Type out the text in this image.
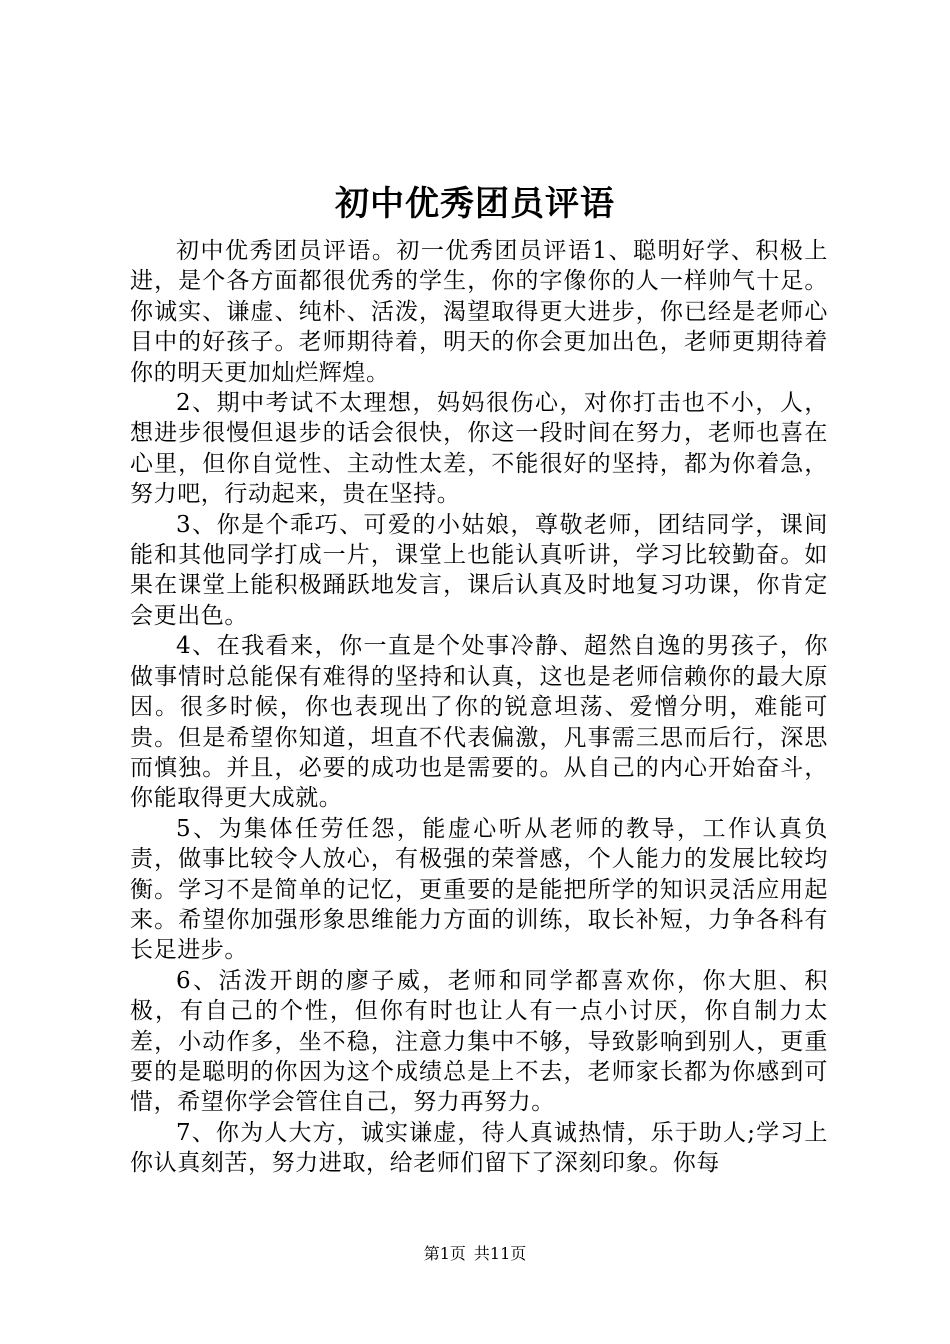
初中优秀团员评语

初中优秀团员评语。初一优秀团员评语1、聪明好学、积极上进，是个各方面都很优秀的学生，你的字像你的人一样帅气十足。你诚实、谦虚、纯朴、活泼，渴望取得更大进步，你已经是老师心目中的好孩子。老师期待着，明天的你会更加出色，老师更期待着你的明天更加灿烂辉煌。

2、期中考试不太理想，妈妈很伤心，对你打击也不小，人，想进步很慢但退步的话会很快，你这一段时间在努力，老师也喜在心里，但你自觉性、主动性太差，不能很好的坚持，都为你着急，努力吧，行动起来，贵在坚持。

3、你是个乖巧、可爱的小姑娘，尊敬老师，团结同学，课间能和其他同学打成一片，课堂上也能认真听讲，学习比较勤奋。如果在课堂上能积极踊跃地发言，课后认真及时地复习功课，你肯定会更出色。

4、在我看来，你一直是个处事冷静、超然自逸的男孩子，你做事情时总能保有难得的坚持和认真，这也是老师信赖你的最大原因。很多时候，你也表现出了你的锐意坦荡、爱憎分明，难能可贵。但是希望你知道，坦直不代表偏激，凡事需三思而后行，深思而慎独。并且，必要的成功也是需要的。从自己的内心开始奋斗，你能取得更大成就。

5、为集体任劳任怨，能虚心听从老师的教导，工作认真负责，做事比较令人放心，有极强的荣誉感，个人能力的发展比较均衡。学习不是简单的记忆，更重要的是能把所学的知识灵活应用起来。希望你加强形象思维能力方面的训练，取长补短，力争各科有长足进步。

6、活泼开朗的廖子威，老师和同学都喜欢你，你大胆、积极，有自己的个性，但你有时也让人有一点小讨厌，你自制力太差，小动作多，坐不稳，注意力集中不够，导致影响到别人，更重要的是聪明的你因为这个成绩总是上不去，老师家长都为你感到可惜，希望你学会管住自己，努力再努力。

7、你为人大方，诚实谦虚，待人真诚热情，乐于助人;学习上你认真刻苦，努力进取，给老师们留下了深刻印象。你每

第1页 共11页
